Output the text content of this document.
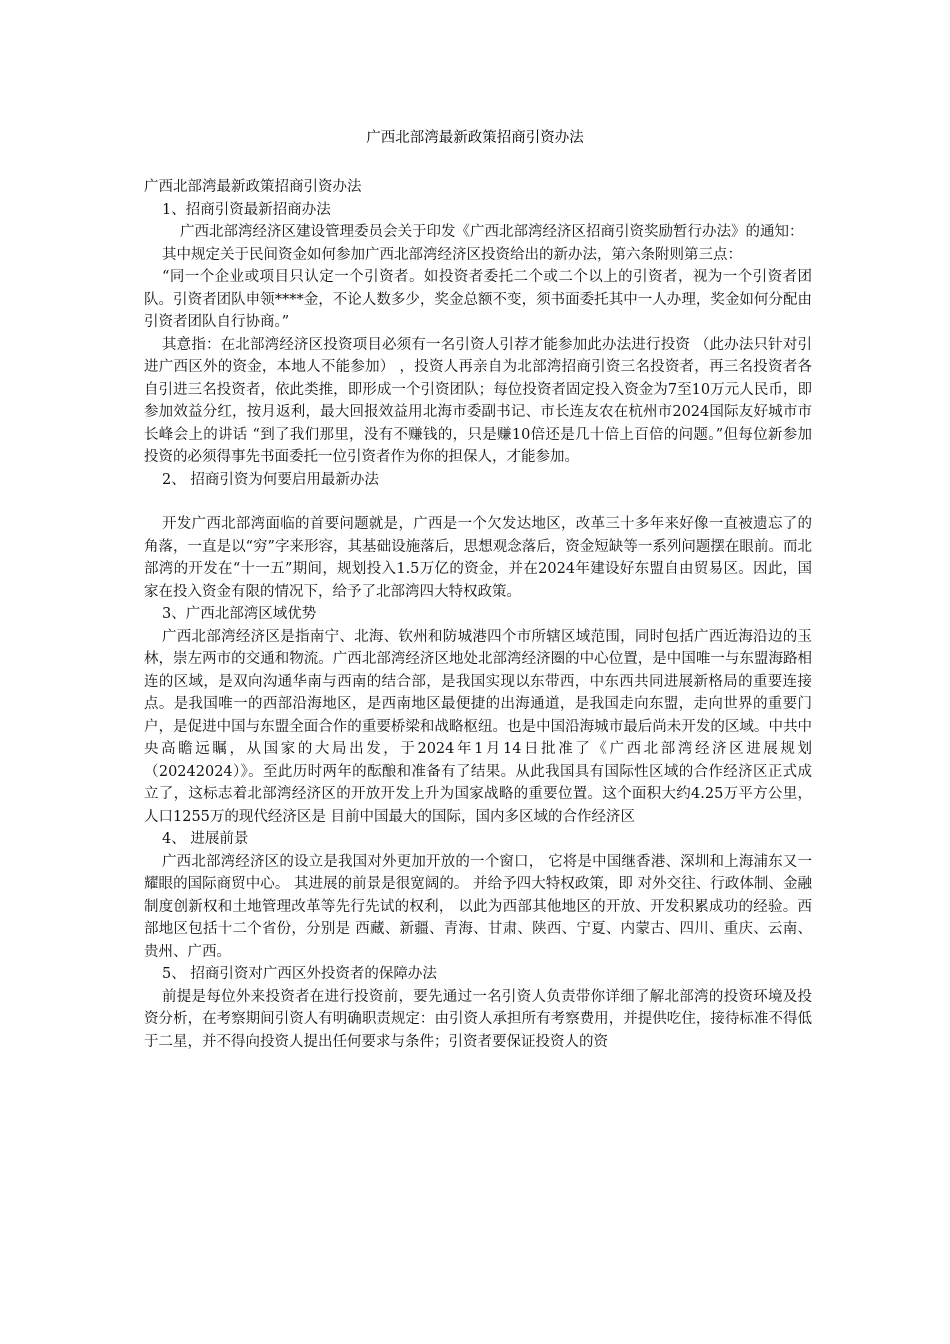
广西北部湾最新政策招商引资办法

广西北部湾最新政策招商引资办法

1、招商引资最新招商办法

广西北部湾经济区建设管理委员会关于印发《广西北部湾经济区招商引资奖励暂行办法》的通知：

其中规定关于民间资金如何参加广西北部湾经济区投资给出的新办法，第六条附则第三点：

“同一个企业或项目只认定一个引资者。如投资者委托二个或二个以上的引资者，视为一个引资者团队。引资者团队申领****金，不论人数多少，奖金总额不变，须书面委托其中一人办理，奖金如何分配由引资者团队自行协商。”

其意指：在北部湾经济区投资项目必须有一名引资人引荐才能参加此办法进行投资 （此办法只针对引进广西区外的资金，本地人不能参加） ，投资人再亲自为北部湾招商引资三名投资者，再三名投资者各自引进三名投资者，依此类推，即形成一个引资团队；每位投资者固定投入资金为7至10万元人民币，即参加效益分红，按月返利，最大回报效益用北海市委副书记、市长连友农在杭州市2024国际友好城市市长峰会上的讲话 “到了我们那里，没有不赚钱的，只是赚10倍还是几十倍上百倍的问题。”但每位新参加投资的必须得事先书面委托一位引资者作为你的担保人，才能参加。

2、 招商引资为何要启用最新办法

开发广西北部湾面临的首要问题就是，广西是一个欠发达地区，改革三十多年来好像一直被遗忘了的角落，一直是以“穷”字来形容，其基础设施落后，思想观念落后，资金短缺等一系列问题摆在眼前。而北部湾的开发在“十一五”期间，规划投入1.5万亿的资金，并在2024年建设好东盟自由贸易区。因此，国家在投入资金有限的情况下，给予了北部湾四大特权政策。

3、广西北部湾区域优势

广西北部湾经济区是指南宁、北海、钦州和防城港四个市所辖区域范围，同时包括广西近海沿边的玉林，崇左两市的交通和物流。广西北部湾经济区地处北部湾经济圈的中心位置，是中国唯一与东盟海路相连的区域，是双向沟通华南与西南的结合部，是我国实现以东带西，中东西共同进展新格局的重要连接点。是我国唯一的西部沿海地区，是西南地区最便捷的出海通道，是我国走向东盟，走向世界的重要门户，是促进中国与东盟全面合作的重要桥梁和战略枢纽。也是中国沿海城市最后尚未开发的区域。中共中央高瞻远瞩，从国家的大局出发，于2024年1月14日批准了《广西北部湾经济区进展规划（20242024）》。至此历时两年的酝酿和准备有了结果。从此我国具有国际性区域的合作经济区正式成立了，这标志着北部湾经济区的开放开发上升为国家战略的重要位置。这个面积大约4.25万平方公里，人口1255万的现代经济区是 目前中国最大的国际，国内多区域的合作经济区

4、 进展前景

广西北部湾经济区的设立是我国对外更加开放的一个窗口， 它将是中国继香港、深圳和上海浦东又一耀眼的国际商贸中心。 其进展的前景是很宽阔的。 并给予四大特权政策，即 对外交往、行政体制、金融制度创新权和土地管理改革等先行先试的权利， 以此为西部其他地区的开放、开发积累成功的经验。西部地区包括十二个省份，分别是 西藏、新疆、青海、甘肃、陕西、宁夏、内蒙古、四川、重庆、云南、贵州、广西。

5、 招商引资对广西区外投资者的保障办法

前提是每位外来投资者在进行投资前，要先通过一名引资人负责带你详细了解北部湾的投资环境及投资分析，在考察期间引资人有明确职责规定：由引资人承担所有考察费用，并提供吃住，接待标准不得低于二星，并不得向投资人提出任何要求与条件；引资者要保证投资人的资
